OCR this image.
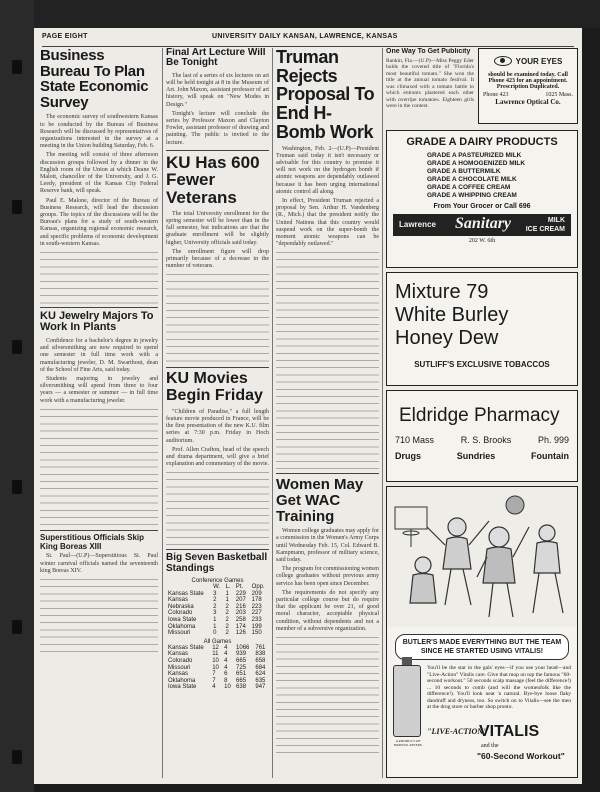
PAGE EIGHT	UNIVERSITY DAILY KANSAN, LAWRENCE, KANSAS
Business Bureau To Plan State Economic Survey

The economic survey of southwestern Kansas to be conducted by the Bureau of Business Research will be discussed by representatives of organizations interested in the survey at a meeting in the Union building Saturday, Feb. 6.

The meeting will consist of three afternoon discussion groups followed by a dinner in the English room of the Union at which Deane W. Malott, chancellor of the University, and J. G. Leedy, president of the Kansas City Federal Reserve bank, will speak.

Paul E. Malone, director of the Bureau of Business Research, will lead the discussion groups. The topics of the discussions will be the Bureau's plans for a study of south-western Kansas, organizing regional economic research, and specific problems of economic development in south-western Kansas.

KU Jewelry Majors To Work In Plants

Confidence for a bachelor's degree in jewelry and silversmithing are now required to spend one semester in full time work with a manufacturing jeweler, D. M. Swarthout, dean of the School of Fine Arts, said today.

Students majoring in jewelry and silversmithing will spend from three to four years — a semester or summer — in full time work with a manufacturing jeweler.

Superstitious Officials Skip King Boreas XIII

St. Paul—(U.P)—Superstitious St. Paul winter carnival officials named the seventeenth king Boreas XIV.

Final Art Lecture Will Be Tonight

The last of a series of six lectures on art will be held tonight at 8 in the Museum of Art. John Maxon, assistant professor of art history, will speak on "New Modes in Design."

Tonight's lecture will conclude the series by Professor Maxon and Clayton Fowler, assistant professor of drawing and painting. The public is invited to the lecture.

KU Has 600 Fewer Veterans

The total University enrollment for the spring semester will be lower than in the fall semester, but indications are that the graduate enrollment will be slightly higher, University officials said today.

The enrollment figure will drop primarily because of a decrease in the number of veterans.

KU Movies Begin Friday

"Children of Paradise," a full length feature movie produced in France, will be the first presentation of the new K.U. film series at 7:30 p.m. Friday in Hoch auditorium.

Prof. Allen Crafton, head of the speech and drama department, will give a brief explanation and commentary of the movie.

Big Seven Basketball Standings
Conference Games
	W.	L.	Pt.	Opp.
Kansas State	3	1	229	209
Kansas	2	1	207	178
Nebraska	2	2	216	223
Colorado	3	2	203	227
Iowa State	1	2	258	233
Oklahoma	1	2	174	199
Missouri	0	2	126	150
All Games
Kansas State	12	4	1066	761
Kansas	11	4	939	838
Colorado	10	4	665	658
Missouri	10	4	725	684
Kansas	7	6	651	624
Oklahoma	7	8	665	635
Iowa State	4	10	638	947
Truman Rejects Proposal To End H-Bomb Work

Washington, Feb. 2—(U.P)—President Truman said today it isn't necessary or advisable for this country to promise it will not work on the hydrogen bomb if atomic weapons are dependably outlawed because it has been urging international atomic control all along.

In effect, President Truman rejected a proposal by Sen. Arthur H. Vandenberg (R., Mich.) that the president notify the United Nations that this country would suspend work on the super-bomb the moment atomic weapons can be "dependably outlawed."

Women May Get WAC Training

Women college graduates may apply for a commission in the Women's Army Corps until Wednesday Feb. 15, Col. Edward B. Kampmann, professor of military science, said today.

The program for commissioning women college graduates without previous army service has been open since December.

The requirements do not specify any particular college course but do require that the applicant be over 21, of good moral character, acceptable physical condition, without dependents and not a member of a subversive organization.

One Way To Get Publicity
Rankin, Fla.—(U.P)—Miss Peggy Eder holds the coveted title of "Florida's most beautiful tomato." She won the title at the annual tomato festival. It was climaxed with a tomato battle in which entrants plastered each other with overripe tomatoes. Eighteen girls were in the contest.
YOUR EYES
should be examined today. Call Phone 423 for an appointment. Prescription Duplicated.
Phone 423	1025 Mass.
Lawrence Optical Co.
GRADE A DAIRY PRODUCTS
GRADE A PASTEURIZED MILK
GRADE A HOMOGENIZED MILK
GRADE A BUTTERMILK
GRADE A CHOCOLATE MILK
GRADE A COFFEE CREAM
GRADE A WHIPPING CREAM
From Your Grocer or Call 696
Lawrence Sanitary	MILK
ICE CREAM
202 W. 6th
Mixture 79
White Burley
Honey Dew
SUTLIFF'S EXCLUSIVE TOBACCOS
Eldridge Pharmacy
710 Mass	R. S. Brooks	Ph. 999
Drugs	Sundries	Fountain
BUTLER'S MADE EVERYTHING BUT THE TEAM SINCE HE STARTED USING VITALIS!
A PRODUCT OF BRISTOL-MYERS
You'll be the star in the gals' eyes—if you use your head—and "Live-Action" Vitalis care. Give that mop on top the famous "60-second workout." 50 seconds scalp massage (feel the difference!) ... 10 seconds to comb (and will the womenfolk like the difference!). You'll look neat 'n natural. Bye-bye loose flaky dandruff and dryness, too. So switch on to Vitalis—see the men at the drug store or barber shop pronto.
"LIVE-ACTION"
VITALIS
and the
"60-Second Workout"
